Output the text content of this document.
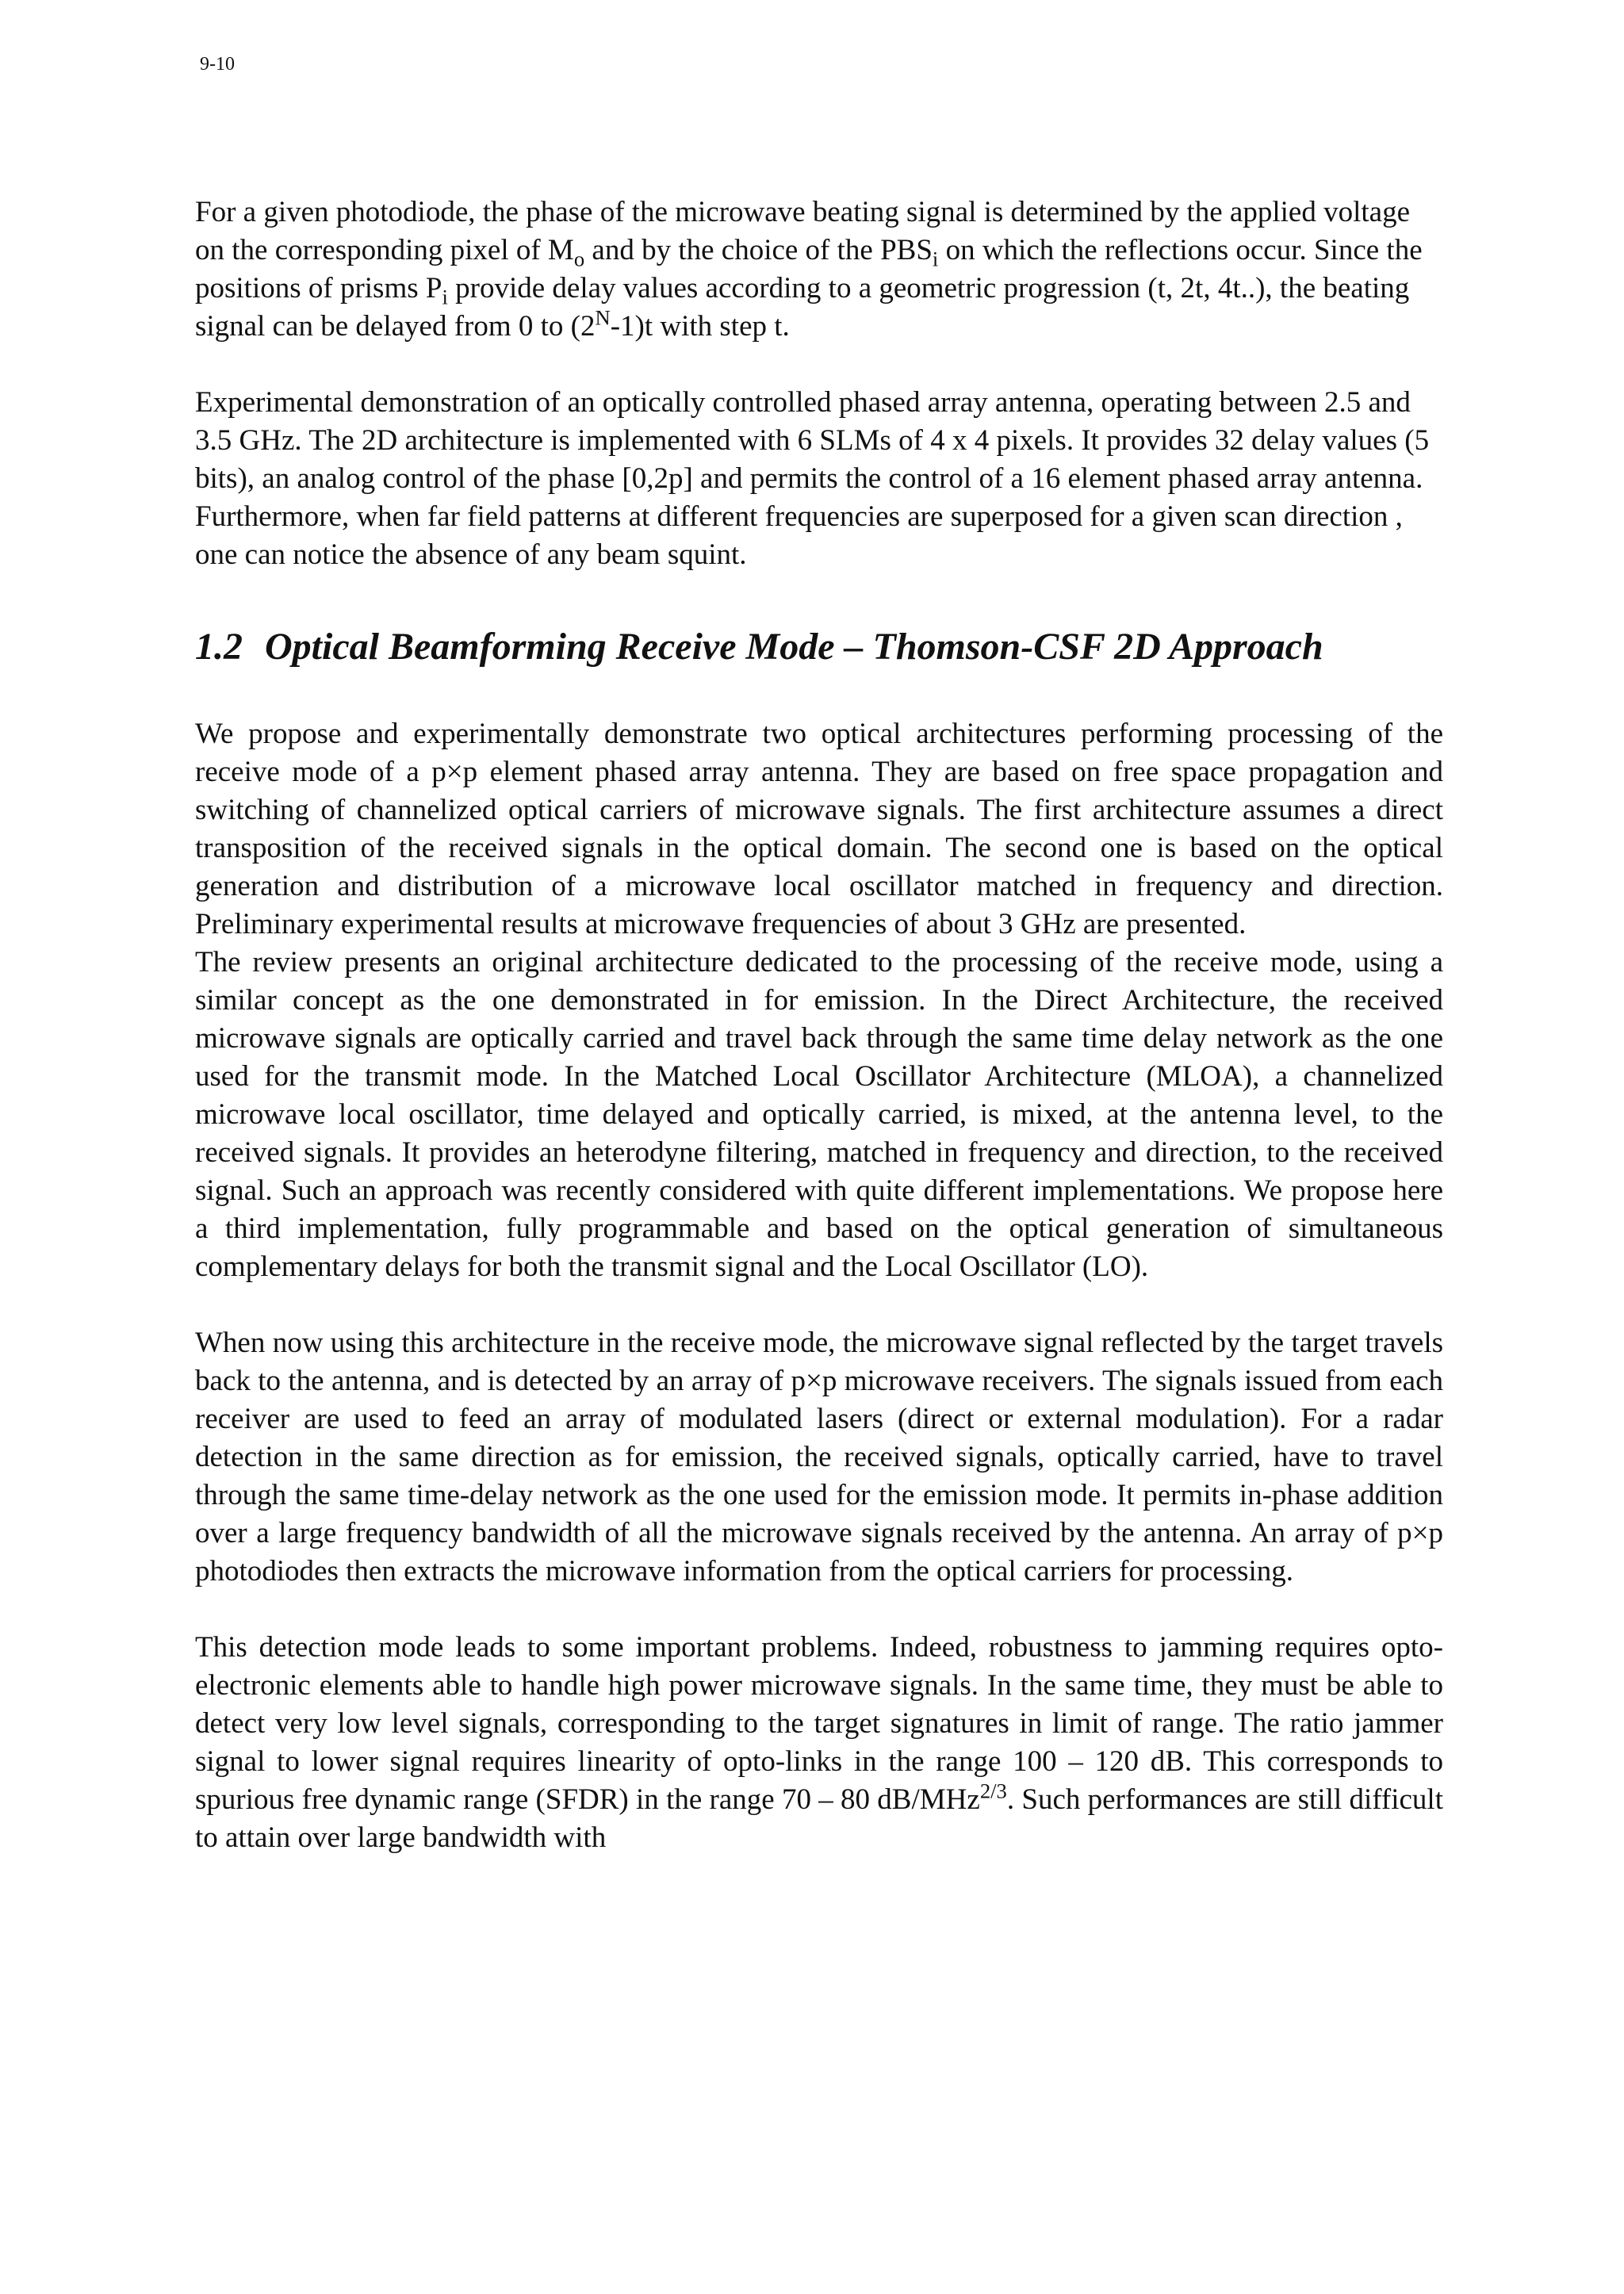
9-10

For a given photodiode, the phase of the microwave beating signal is determined by the applied voltage on the corresponding pixel of $M_o$ and by the choice of the $PBS_i$ on which the reflections occur. Since the positions of prisms $P_i$ provide delay values according to a geometric progression (t, 2t, 4t..), the beating signal can be delayed from 0 to $(2^N-1)t$ with step t.

Experimental demonstration of an optically controlled phased array antenna, operating between 2.5 and 3.5 GHz. The 2D architecture is implemented with 6 SLMs of 4 x 4 pixels. It provides 32 delay values (5 bits), an analog control of the phase [0,2p] and permits the control of a 16 element phased array antenna. Furthermore, when far field patterns at different frequencies are superposed for a given scan direction , one can notice the absence of any beam squint.

1.2 Optical Beamforming Receive Mode – Thomson-CSF 2D Approach

We propose and experimentally demonstrate two optical architectures performing processing of the receive mode of a p×p element phased array antenna. They are based on free space propagation and switching of channelized optical carriers of microwave signals. The first architecture assumes a direct transposition of the received signals in the optical domain. The second one is based on the optical generation and distribution of a microwave local oscillator matched in frequency and direction. Preliminary experimental results at microwave frequencies of about 3 GHz are presented.

The review presents an original architecture dedicated to the processing of the receive mode, using a similar concept as the one demonstrated in for emission. In the Direct Architecture, the received microwave signals are optically carried and travel back through the same time delay network as the one used for the transmit mode. In the Matched Local Oscillator Architecture (MLOA), a channelized microwave local oscillator, time delayed and optically carried, is mixed, at the antenna level, to the received signals. It provides an heterodyne filtering, matched in frequency and direction, to the received signal. Such an approach was recently considered with quite different implementations. We propose here a third implementation, fully programmable and based on the optical generation of simultaneous complementary delays for both the transmit signal and the Local Oscillator (LO).

When now using this architecture in the receive mode, the microwave signal reflected by the target travels back to the antenna, and is detected by an array of p×p microwave receivers. The signals issued from each receiver are used to feed an array of modulated lasers (direct or external modulation). For a radar detection in the same direction as for emission, the received signals, optically carried, have to travel through the same time-delay network as the one used for the emission mode. It permits in-phase addition over a large frequency bandwidth of all the microwave signals received by the antenna. An array of p×p photodiodes then extracts the microwave information from the optical carriers for processing.

This detection mode leads to some important problems. Indeed, robustness to jamming requires opto-electronic elements able to handle high power microwave signals. In the same time, they must be able to detect very low level signals, corresponding to the target signatures in limit of range. The ratio jammer signal to lower signal requires linearity of opto-links in the range 100 – 120 dB. This corresponds to spurious free dynamic range (SFDR) in the range 70 – 80 dB/MHz$^{2/3}$. Such performances are still difficult to attain over large bandwidth with
